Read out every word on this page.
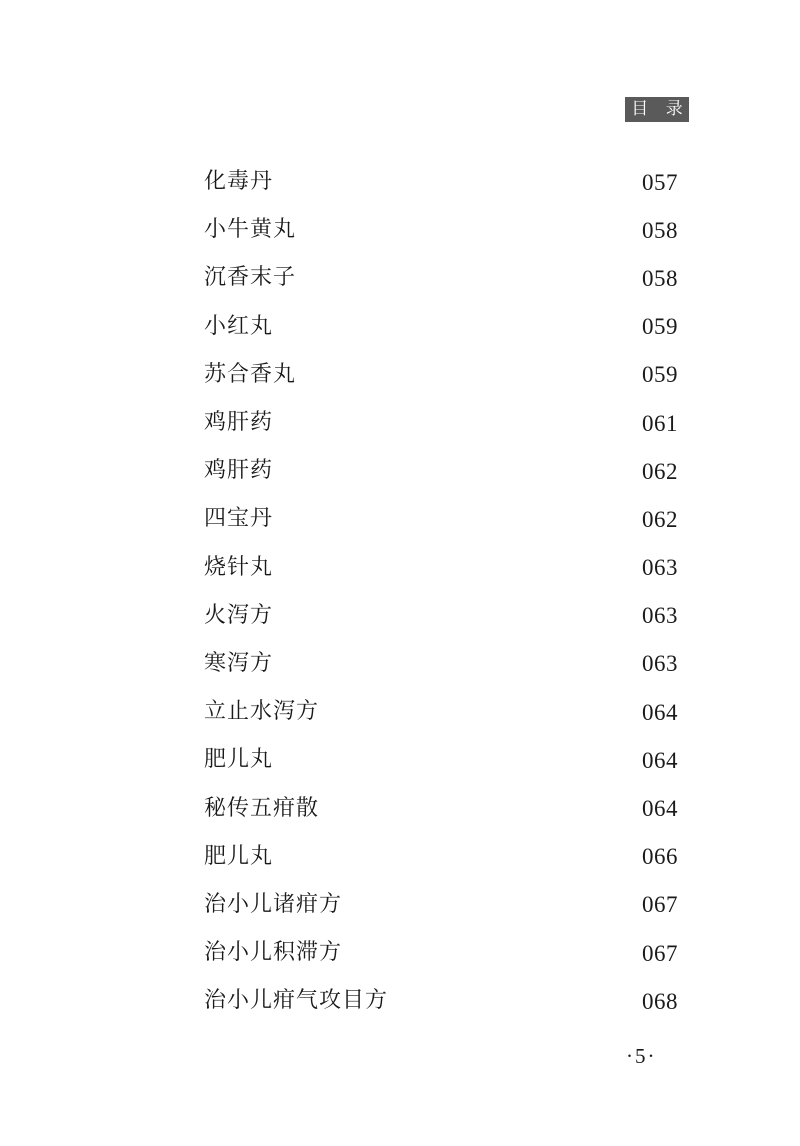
目 录
化毒丹	057
小牛黄丸	058
沉香末子	058
小红丸	059
苏合香丸	059
鸡肝药	061
鸡肝药	062
四宝丹	062
烧针丸	063
火泻方	063
寒泻方	063
立止水泻方	064
肥儿丸	064
秘传五疳散	064
肥儿丸	066
治小儿诸疳方	067
治小儿积滞方	067
治小儿疳气攻目方	068
·5·
